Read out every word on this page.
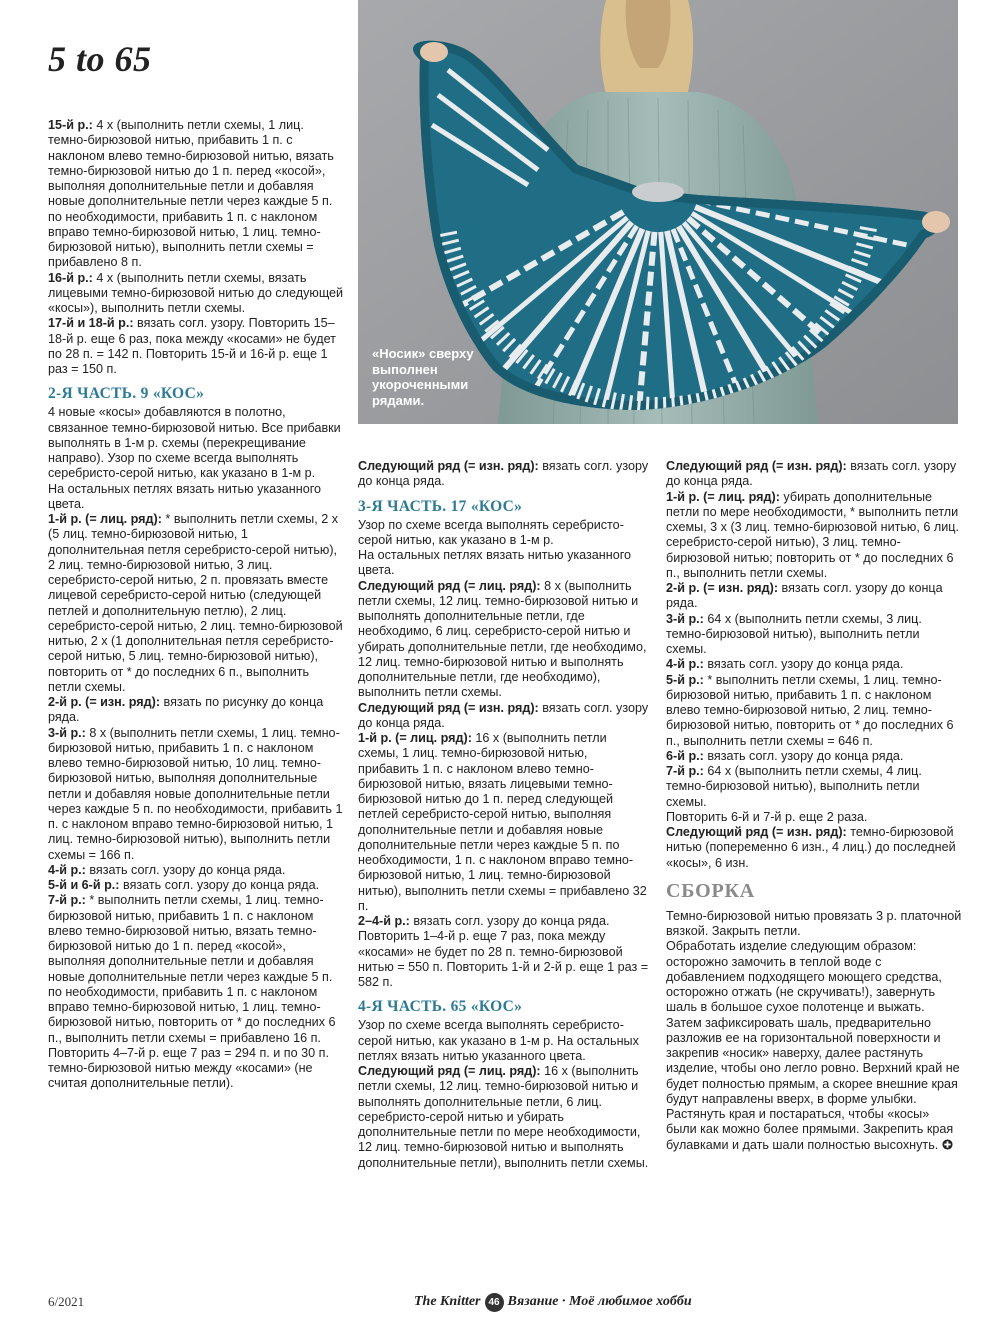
5 to 65
«Носик» сверху выполнен укороченными рядами.

15-й р.: 4 х (выполнить петли схемы, 1 лиц. темно-бирюзовой нитью, прибавить 1 п. с наклоном влево темно-бирюзовой нитью, вязать темно-бирюзовой нитью до 1 п. перед «косой», выполняя дополнительные петли и добавляя новые дополнительные петли через каждые 5 п. по необходимости, прибавить 1 п. с наклоном вправо темно-бирюзовой нитью, 1 лиц. темно-бирюзовой нитью), выполнить петли схемы = прибавлено 8 п.

16-й р.: 4 х (выполнить петли схемы, вязать лицевыми темно-бирюзовой нитью до следующей «косы»), выполнить петли схемы.

17-й и 18-й р.: вязать согл. узору. Повторить 15–18-й р. еще 6 раз, пока между «косами» не будет по 28 п. = 142 п. Повторить 15-й и 16-й р. еще 1 раз = 150 п.

2-Я ЧАСТЬ. 9 «КОС»

4 новые «косы» добавляются в полотно, связанное темно-бирюзовой нитью. Все прибавки выполнять в 1-м р. схемы (перекрещивание направо). Узор по схеме всегда выполнять серебристо-серой нитью, как указано в 1-м р.

На остальных петлях вязать нитью указанного цвета.

1-й р. (= лиц. ряд): * выполнить петли схемы, 2 х (5 лиц. темно-бирюзовой нитью, 1 дополнительная петля серебристо-серой нитью), 2 лиц. темно-бирюзовой нитью, 3 лиц. серебристо-серой нитью, 2 п. провязать вместе лицевой серебристо-серой нитью (следующей петлей и дополнительную петлю), 2 лиц. серебристо-серой нитью, 2 лиц. темно-бирюзовой нитью, 2 х (1 дополнительная петля серебристо-серой нитью, 5 лиц. темно-бирюзовой нитью), повторить от * до последних 6 п., выполнить петли схемы.

2-й р. (= изн. ряд): вязать по рисунку до конца ряда.

3-й р.: 8 х (выполнить петли схемы, 1 лиц. темно-бирюзовой нитью, прибавить 1 п. с наклоном влево темно-бирюзовой нитью, 10 лиц. темно-бирюзовой нитью, выполняя дополнительные петли и добавляя новые дополнительные петли через каждые 5 п. по необходимости, прибавить 1 п. с наклоном вправо темно-бирюзовой нитью, 1 лиц. темно-бирюзовой нитью), выполнить петли схемы = 166 п.

4-й р.: вязать согл. узору до конца ряда.

5-й и 6-й р.: вязать согл. узору до конца ряда.

7-й р.: * выполнить петли схемы, 1 лиц. темно-бирюзовой нитью, прибавить 1 п. с наклоном влево темно-бирюзовой нитью, вязать темно-бирюзовой нитью до 1 п. перед «косой», выполняя дополнительные петли и добавляя новые дополнительные петли через каждые 5 п. по необходимости, прибавить 1 п. с наклоном вправо темно-бирюзовой нитью, 1 лиц. темно-бирюзовой нитью, повторить от * до последних 6 п., выполнить петли схемы = прибавлено 16 п. Повторить 4–7-й р. еще 7 раз = 294 п. и по 30 п. темно-бирюзовой нитью между «косами» (не считая дополнительные петли).

Следующий ряд (= изн. ряд): вязать согл. узору до конца ряда.

3-Я ЧАСТЬ. 17 «КОС»

Узор по схеме всегда выполнять серебристо-серой нитью, как указано в 1-м р.

На остальных петлях вязать нитью указанного цвета.

Следующий ряд (= лиц. ряд): 8 х (выполнить петли схемы, 12 лиц. темно-бирюзовой нитью и выполнять дополнительные петли, где необходимо, 6 лиц. серебристо-серой нитью и убирать дополнительные петли, где необходимо, 12 лиц. темно-бирюзовой нитью и выполнять дополнительные петли, где необходимо), выполнить петли схемы.

Следующий ряд (= изн. ряд): вязать согл. узору до конца ряда.

1-й р. (= лиц. ряд): 16 х (выполнить петли схемы, 1 лиц. темно-бирюзовой нитью, прибавить 1 п. с наклоном влево темно-бирюзовой нитью, вязать лицевыми темно-бирюзовой нитью до 1 п. перед следующей петлей серебристо-серой нитью, выполняя дополнительные петли и добавляя новые дополнительные петли через каждые 5 п. по необходимости, 1 п. с наклоном вправо темно-бирюзовой нитью, 1 лиц. темно-бирюзовой нитью), выполнить петли схемы = прибавлено 32 п.

2–4-й р.: вязать согл. узору до конца ряда. Повторить 1–4-й р. еще 7 раз, пока между «косами» не будет по 28 п. темно-бирюзовой нитью = 550 п. Повторить 1-й и 2-й р. еще 1 раз = 582 п.

4-Я ЧАСТЬ. 65 «КОС»

Узор по схеме всегда выполнять серебристо-серой нитью, как указано в 1-м р. На остальных петлях вязать нитью указанного цвета.

Следующий ряд (= лиц. ряд): 16 х (выполнить петли схемы, 12 лиц. темно-бирюзовой нитью и выполнять дополнительные петли, 6 лиц. серебристо-серой нитью и убирать дополнительные петли по мере необходимости, 12 лиц. темно-бирюзовой нитью и выполнять дополнительные петли), выполнить петли схемы.

Следующий ряд (= изн. ряд): вязать согл. узору до конца ряда.

1-й р. (= лиц. ряд): убирать дополнительные петли по мере необходимости, * выполнить петли схемы, 3 х (3 лиц. темно-бирюзовой нитью, 6 лиц. серебристо-серой нитью), 3 лиц. темно-бирюзовой нитью; повторить от * до последних 6 п., выполнить петли схемы.

2-й р. (= изн. ряд): вязать согл. узору до конца ряда.

3-й р.: 64 х (выполнить петли схемы, 3 лиц. темно-бирюзовой нитью), выполнить петли схемы.

4-й р.: вязать согл. узору до конца ряда.

5-й р.: * выполнить петли схемы, 1 лиц. темно-бирюзовой нитью, прибавить 1 п. с наклоном влево темно-бирюзовой нитью, 2 лиц. темно-бирюзовой нитью, повторить от * до последних 6 п., выполнить петли схемы = 646 п.

6-й р.: вязать согл. узору до конца ряда.

7-й р.: 64 х (выполнить петли схемы, 4 лиц. темно-бирюзовой нитью), выполнить петли схемы.

Повторить 6-й и 7-й р. еще 2 раза.

Следующий ряд (= изн. ряд): темно-бирюзовой нитью (попеременно 6 изн., 4 лиц.) до последней «косы», 6 изн.

СБОРКА

Темно-бирюзовой нитью провязать 3 р. платочной вязкой. Закрыть петли.

Обработать изделие следующим образом: осторожно замочить в теплой воде с добавлением подходящего моющего средства, осторожно отжать (не скручивать!), завернуть шаль в большое сухое полотенце и выжать. Затем зафиксировать шаль, предварительно разложив ее на горизонтальной поверхности и закрепив «носик» наверху, далее растянуть изделие, чтобы оно легло ровно. Верхний край не будет полностью прямым, а скорее внешние края будут направлены вверх, в форме улыбки. Растянуть края и постараться, чтобы «косы» были как можно более прямыми. Закрепить края булавками и дать шали полностью высохнуть.

6/2021	The Knitter 46 Вязание · Моё любимое хобби
